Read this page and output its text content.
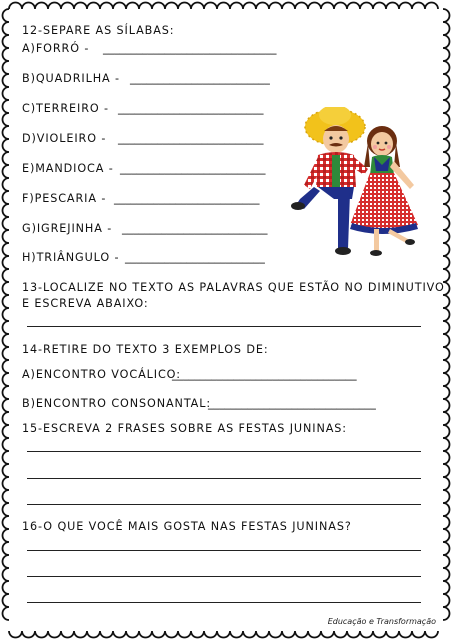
12-SEPARE AS SÍLABAS:
A)FORRÓ - _______________________________
B)QUADRILHA - _________________________
C)TERREIRO - __________________________
D)VIOLEIRO - __________________________
E)MANDIOCA - __________________________
F)PESCARIA - __________________________
G)IGREJINHA - __________________________
H)TRIÂNGULO - _________________________
13-LOCALIZE NO TEXTO AS PALAVRAS QUE ESTÃO NO DIMINUTIVO
E ESCREVA ABAIXO:
14-RETIRE DO TEXTO 3 EXEMPLOS DE:
A)ENCONTRO VOCÁLICO:
_________________________________
B)ENCONTRO CONSONANTAL:
______________________________
15-ESCREVA 2 FRASES SOBRE AS FESTAS JUNINAS:
16-O QUE VOCÊ MAIS GOSTA NAS FESTAS JUNINAS?
Educação e Transformação
